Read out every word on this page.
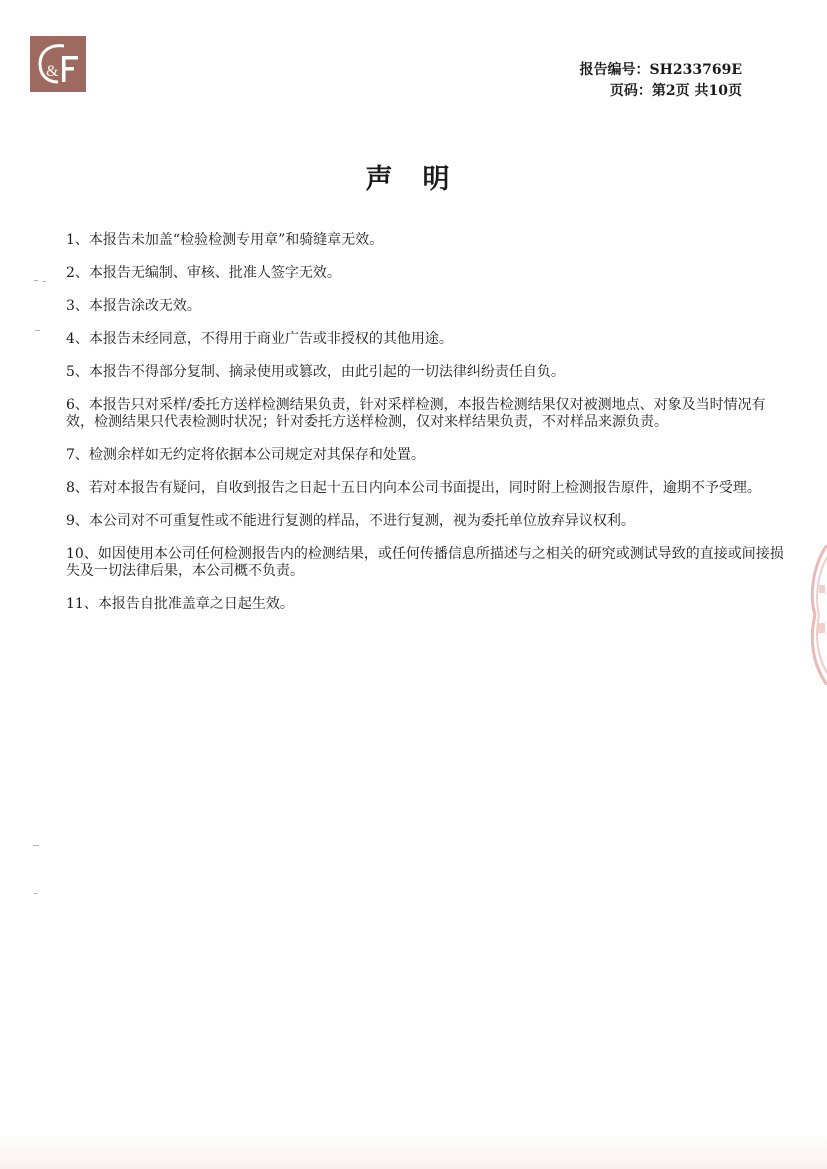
&	报告编号：SH233769E
页码：第2页 共10页
声明

1、本报告未加盖“检验检测专用章”和骑缝章无效。

2、本报告无编制、审核、批准人签字无效。

3、本报告涂改无效。

4、本报告未经同意，不得用于商业广告或非授权的其他用途。

5、本报告不得部分复制、摘录使用或篡改，由此引起的一切法律纠纷责任自负。

6、本报告只对采样/委托方送样检测结果负责，针对采样检测，本报告检测结果仅对被测地点、对象及当时情况有效，检测结果只代表检测时状况；针对委托方送样检测，仅对来样结果负责，不对样品来源负责。

7、检测余样如无约定将依据本公司规定对其保存和处置。

8、若对本报告有疑问，自收到报告之日起十五日内向本公司书面提出，同时附上检测报告原件，逾期不予受理。

9、本公司对不可重复性或不能进行复测的样品，不进行复测，视为委托单位放弃异议权利。

10、如因使用本公司任何检测报告内的检测结果，或任何传播信息所描述与之相关的研究或测试导致的直接或间接损失及一切法律后果，本公司概不负责。

11、本报告自批准盖章之日起生效。
